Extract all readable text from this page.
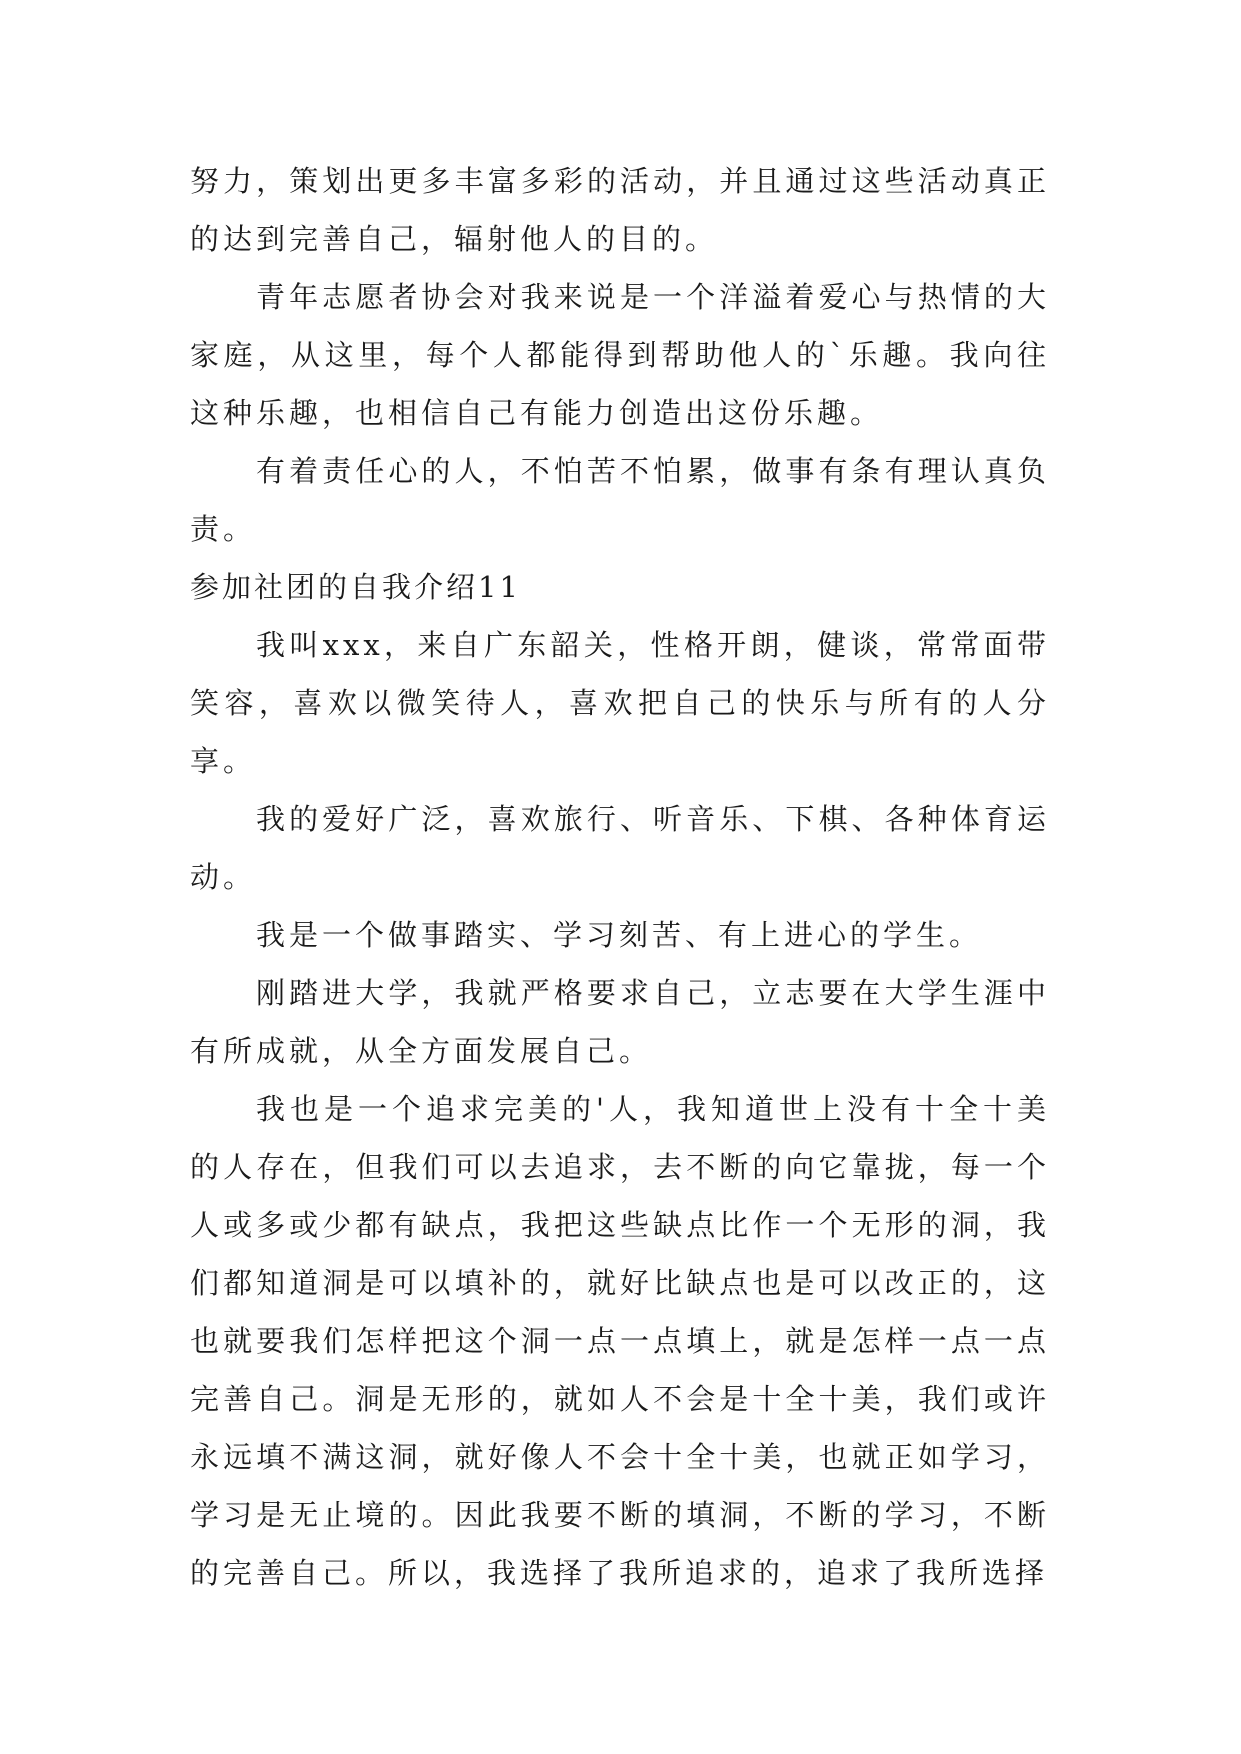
努力，策划出更多丰富多彩的活动，并且通过这些活动真正的达到完善自己，辐射他人的目的。

青年志愿者协会对我来说是一个洋溢着爱心与热情的大家庭，从这里，每个人都能得到帮助他人的`乐趣。我向往这种乐趣，也相信自己有能力创造出这份乐趣。

有着责任心的人，不怕苦不怕累，做事有条有理认真负责。

参加社团的自我介绍11

我叫xxx，来自广东韶关，性格开朗，健谈，常常面带笑容，喜欢以微笑待人，喜欢把自己的快乐与所有的人分享。

我的爱好广泛，喜欢旅行、听音乐、下棋、各种体育运动。

我是一个做事踏实、学习刻苦、有上进心的学生。

刚踏进大学，我就严格要求自己，立志要在大学生涯中有所成就，从全方面发展自己。

我也是一个追求完美的'人，我知道世上没有十全十美的人存在，但我们可以去追求，去不断的向它靠拢，每一个人或多或少都有缺点，我把这些缺点比作一个无形的洞，我们都知道洞是可以填补的，就好比缺点也是可以改正的，这也就要我们怎样把这个洞一点一点填上，就是怎样一点一点完善自己。洞是无形的，就如人不会是十全十美，我们或许永远填不满这洞，就好像人不会十全十美，也就正如学习，学习是无止境的。因此我要不断的填洞，不断的学习，不断的完善自己。所以，我选择了我所追求的，追求了我所选择
